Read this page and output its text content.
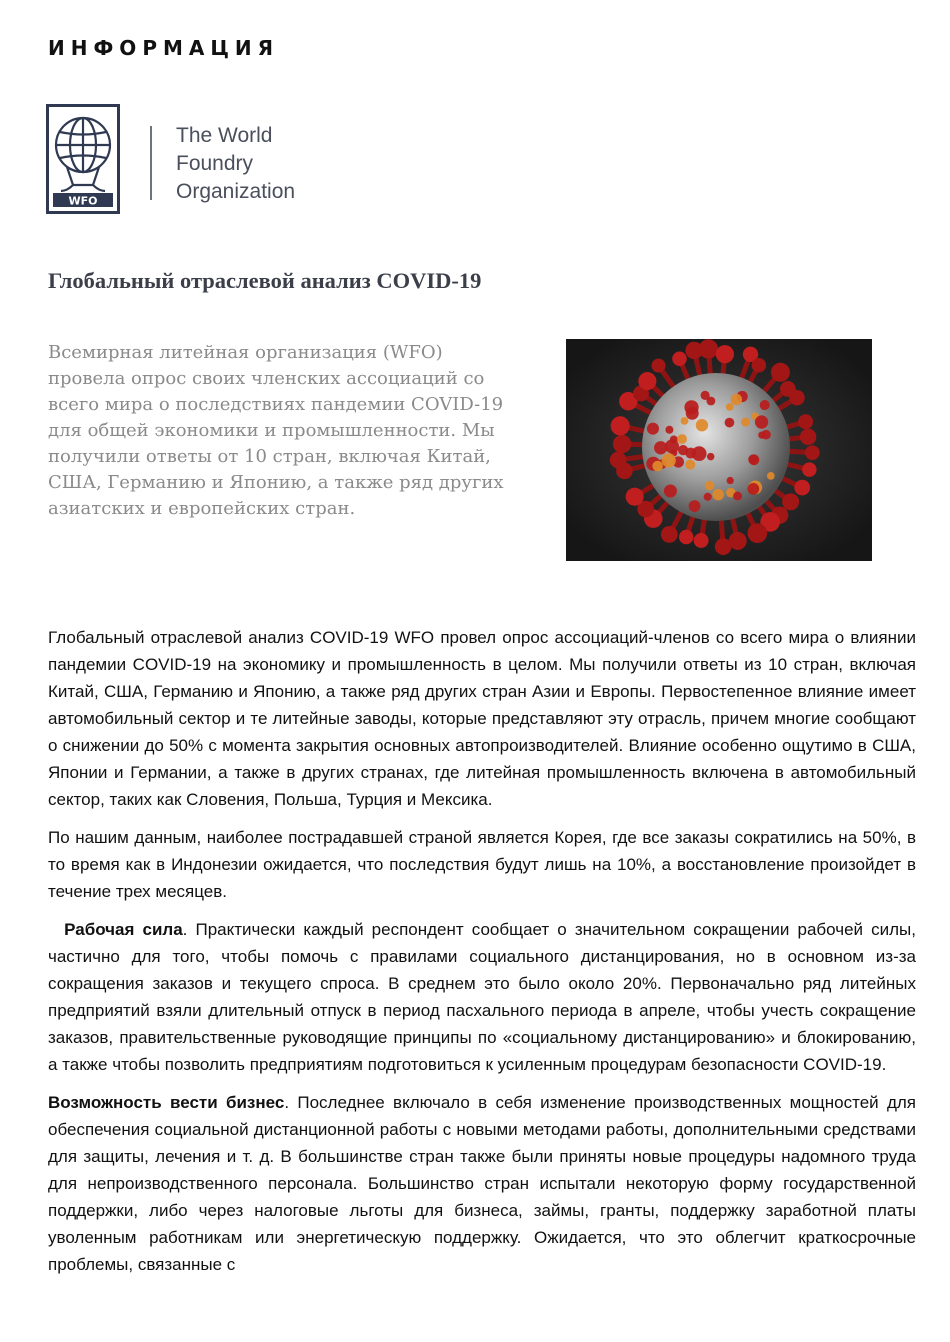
ИНФОРМАЦИЯ
WFO
The World
Foundry
Organization
Глобальный отраслевой анализ COVID-19
Всемирная литейная организация (WFO)
провела опрос своих членских ассоциаций со
всего мира о последствиях пандемии COVID-19
для общей экономики и промышленности. Мы
получили ответы от 10 стран, включая Китай,
США, Германию и Японию, а также ряд других
азиатских и европейских стран.

Глобальный отраслевой анализ COVID-19 WFO провел опрос ассоциаций-членов со всего мира о влиянии пандемии COVID-19 на экономику и промышленность в целом. Мы получили ответы из 10 стран, включая Китай, США, Германию и Японию, а также ряд других стран Азии и Европы. Первостепенное влияние имеет автомобильный сектор и те литейные заводы, которые представляют эту отрасль, причем многие сообщают о снижении до 50% с момента закрытия основных автопроизводителей. Влияние особенно ощутимо в США, Японии и Германии, а также в других странах, где литейная промышленность включена в автомобильный сектор, таких как Словения, Польша, Турция и Мексика.

По нашим данным, наиболее пострадавшей страной является Корея, где все заказы сократились на 50%, в то время как в Индонезии ожидается, что последствия будут лишь на 10%, а восстановление произойдет в течение трех месяцев.

Рабочая сила. Практически каждый респондент сообщает о значительном сокращении рабочей силы, частично для того, чтобы помочь с правилами социального дистанцирования, но в основном из-за сокращения заказов и текущего спроса. В среднем это было около 20%. Первоначально ряд литейных предприятий взяли длительный отпуск в период пасхального периода в апреле, чтобы учесть сокращение заказов, правительственные руководящие принципы по «социальному дистанцированию» и блокированию, а также чтобы позволить предприятиям подготовиться к усиленным процедурам безопасности COVID-19.

Возможность вести бизнес. Последнее включало в себя изменение производственных мощностей для обеспечения социальной дистанционной работы с новыми методами работы, дополнительными средствами для защиты, лечения и т. д. В большинстве стран также были приняты новые процедуры надомного труда для непроизводственного персонала. Большинство стран испытали некоторую форму государственной поддержки, либо через налоговые льготы для бизнеса, займы, гранты, поддержку заработной платы уволенным работникам или энергетическую поддержку. Ожидается, что это облегчит краткосрочные проблемы, связанные с
